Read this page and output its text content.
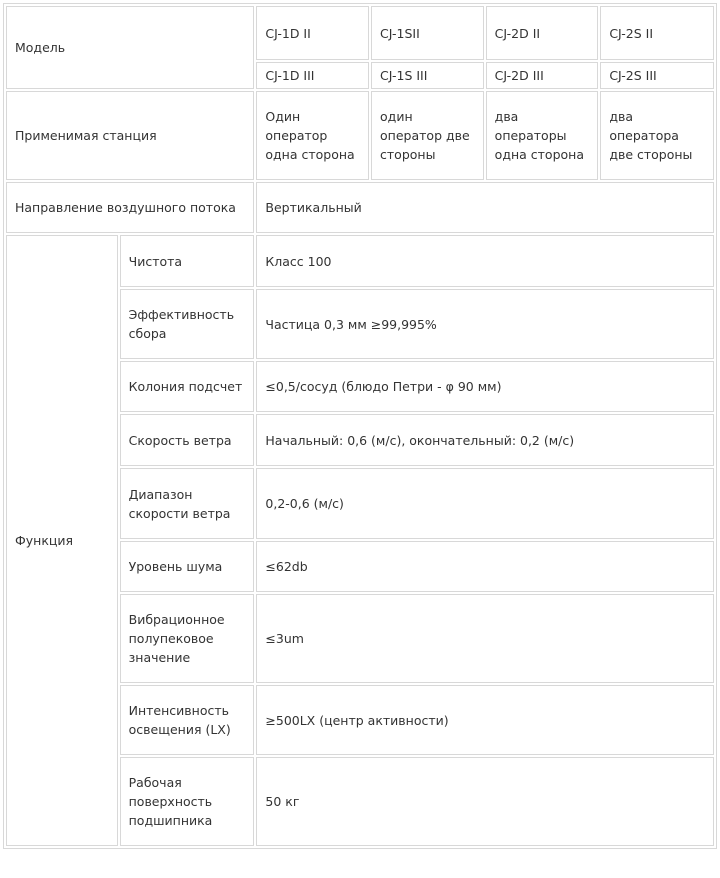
Модель		CJ-1D II	CJ-1SII	CJ-2D II	CJ-2S II
		CJ-1D III	CJ-1S III	CJ-2D III	CJ-2S III
Применимая станция		Один оператор одна сторона	один оператор две стороны	два операторы одна сторона	два оператора две стороны
Направление воздушного потока		Вертикальный			
Функция	Чистота	Класс 100			
	Эффективность сбора	Частица 0,3 мм ≥99,995%			
	Колония подсчет	≤0,5/сосуд (блюдо Петри - φ 90 мм)			
	Скорость ветра	Начальный: 0,6 (м/с), окончательный: 0,2 (м/с)			
	Диапазон скорости ветра	0,2-0,6 (м/с)			
	Уровень шума	≤62db			
	Вибрационное полупековое значение	≤3um			
	Интенсивность освещения (LX)	≥500LX (центр активности)			
	Рабочая поверхность подшипника	50 кг			
